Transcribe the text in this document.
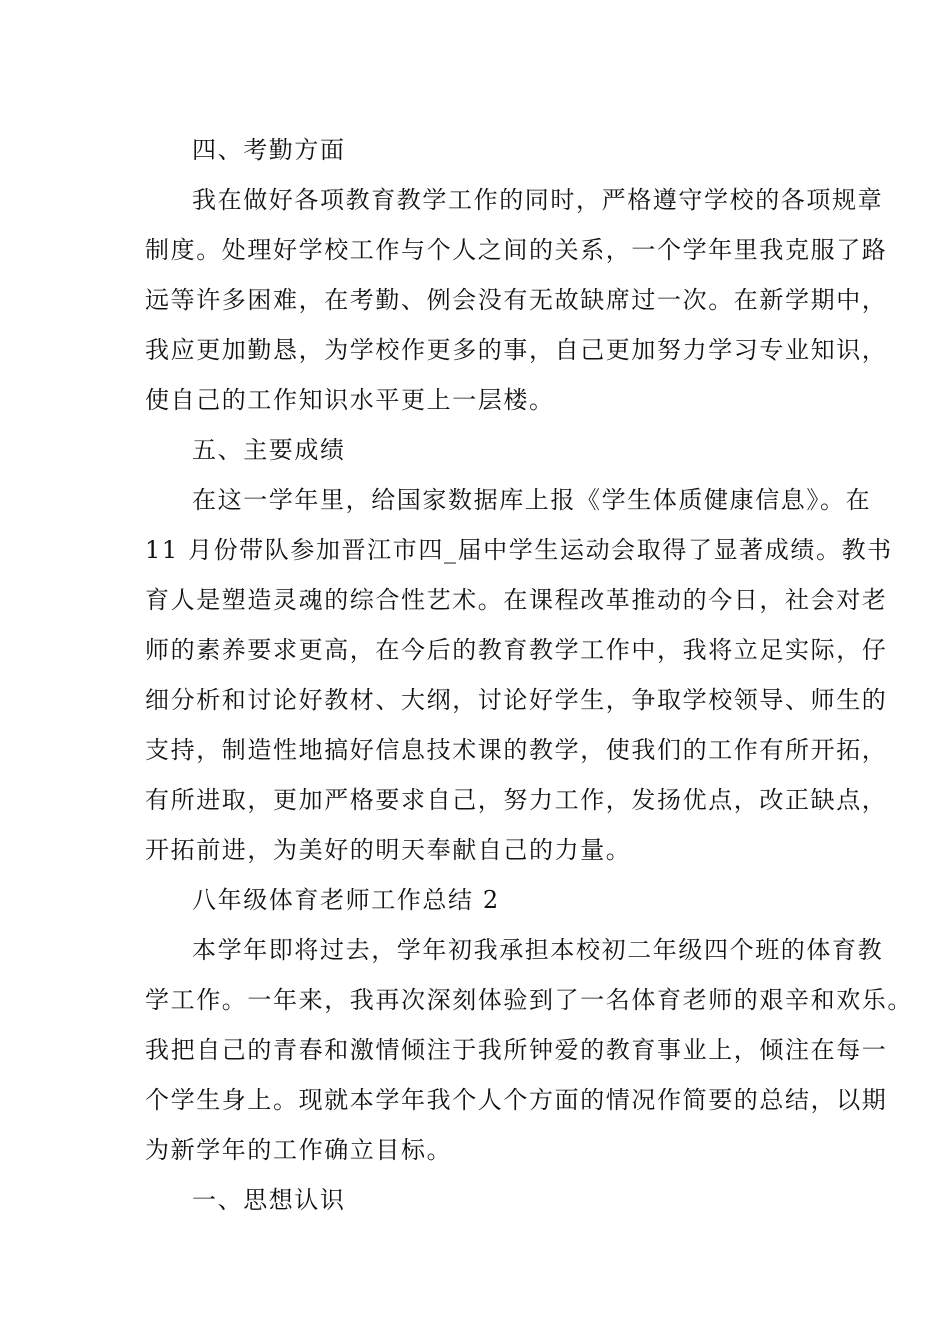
四、考勤方面
我在做好各项教育教学工作的同时，严格遵守学校的各项规章
制度。处理好学校工作与个人之间的关系，一个学年里我克服了路
远等许多困难，在考勤、例会没有无故缺席过一次。在新学期中，
我应更加勤恳，为学校作更多的事，自己更加努力学习专业知识，
使自己的工作知识水平更上一层楼。
五、主要成绩
在这一学年里，给国家数据库上报《学生体质健康信息》。在
11 月份带队参加晋江市四_届中学生运动会取得了显著成绩。教书
育人是塑造灵魂的综合性艺术。在课程改革推动的今日，社会对老
师的素养要求更高，在今后的教育教学工作中，我将立足实际，仔
细分析和讨论好教材、大纲，讨论好学生，争取学校领导、师生的
支持，制造性地搞好信息技术课的教学，使我们的工作有所开拓，
有所进取，更加严格要求自己，努力工作，发扬优点，改正缺点，
开拓前进，为美好的明天奉献自己的力量。
八年级体育老师工作总结 2
本学年即将过去，学年初我承担本校初二年级四个班的体育教
学工作。一年来，我再次深刻体验到了一名体育老师的艰辛和欢乐。
我把自己的青春和激情倾注于我所钟爱的教育事业上，倾注在每一
个学生身上。现就本学年我个人个方面的情况作简要的总结，以期
为新学年的工作确立目标。
一、思想认识
